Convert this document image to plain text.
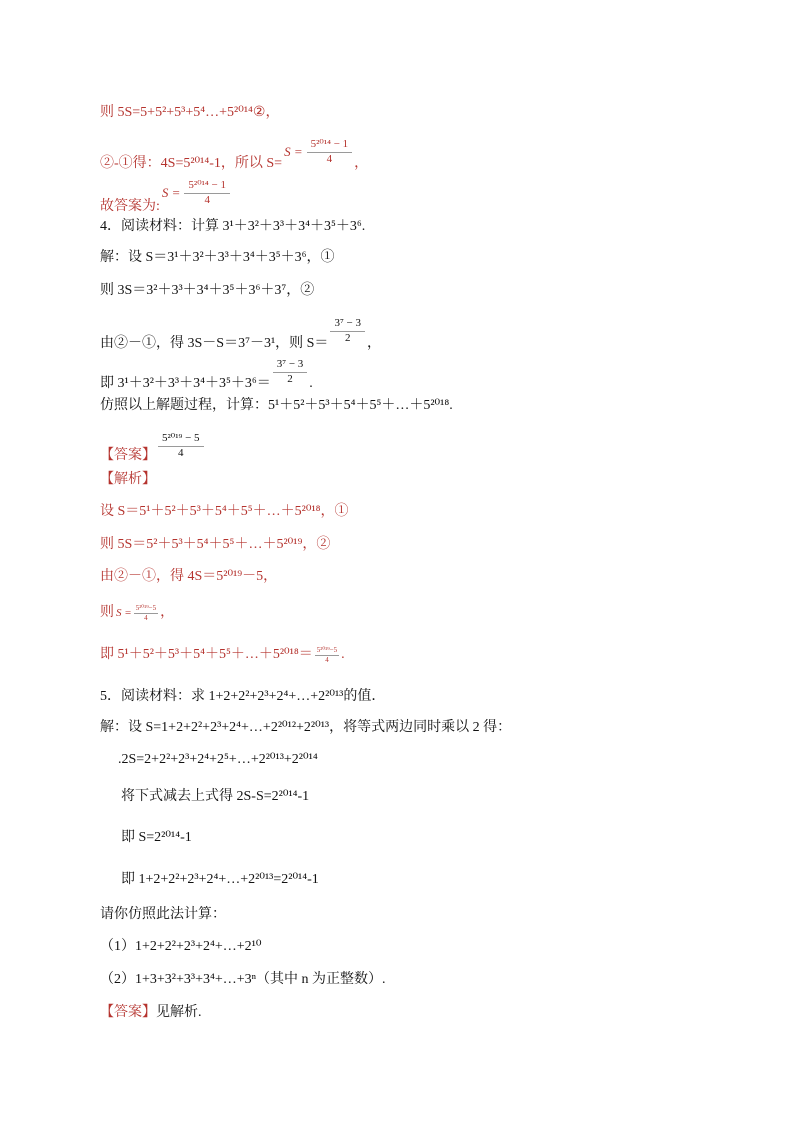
则 5S=5+5²+5³+5⁴…+5²⁰¹⁴②，
②-①得：4S=5²⁰¹⁴-1，所以 S=
$S = \frac{\text{5²⁰¹⁴ − 1}}{4}$ ，
故答案为:
$S = \frac{\text{5²⁰¹⁴ − 1}}{4}$
4．阅读材料：计算 3¹＋3²＋3³＋3⁴＋3⁵＋3⁶.
解：设 S＝3¹＋3²＋3³＋3⁴＋3⁵＋3⁶，①
则 3S＝3²＋3³＋3⁴＋3⁵＋3⁶＋3⁷，②
由②－①，得 3S－S＝3⁷－3¹，则 $S= \frac{\text{3⁷ − 3}}{2}$ ，
即 $3^1+3^2+3^3+3^4+3^5+3^6= \frac{\text{3⁷ − 3}}{2}$ .
仿照以上解题过程，计算：5¹＋5²＋5³＋5⁴＋5⁵＋…＋5²⁰¹⁸.
【答案】 $\frac{\text{5²⁰¹⁹ − 5}}{4}$
【解析】
设 S＝5¹＋5²＋5³＋5⁴＋5⁵＋…＋5²⁰¹⁸，①
则 5S＝5²＋5³＋5⁴＋5⁵＋…＋5²⁰¹⁹，②
由②－①，得 4S＝5²⁰¹⁹－5，
则 $S = \frac{\text{5²⁰¹⁹−5}}{4}$ ，
即 5¹＋5²＋5³＋5⁴＋5⁵＋…＋5²⁰¹⁸＝ $\frac{\text{5²⁰¹⁹−5}}{4}$ .
5．阅读材料：求 1+2+2²+2³+2⁴+…+2²⁰¹³的值．
解：设 S=1+2+2²+2³+2⁴+…+2²⁰¹²+2²⁰¹³，将等式两边同时乘以 2 得：
.2S=2+2²+2³+2⁴+2⁵+…+2²⁰¹³+2²⁰¹⁴
将下式减去上式得 2S-S=2²⁰¹⁴-1
即 S=2²⁰¹⁴-1
即 1+2+2²+2³+2⁴+…+2²⁰¹³=2²⁰¹⁴-1
请你仿照此法计算：
（1）1+2+2²+2³+2⁴+…+2¹⁰
（2）1+3+3²+3³+3⁴+…+3ⁿ（其中 n 为正整数）.
【答案】见解析.
